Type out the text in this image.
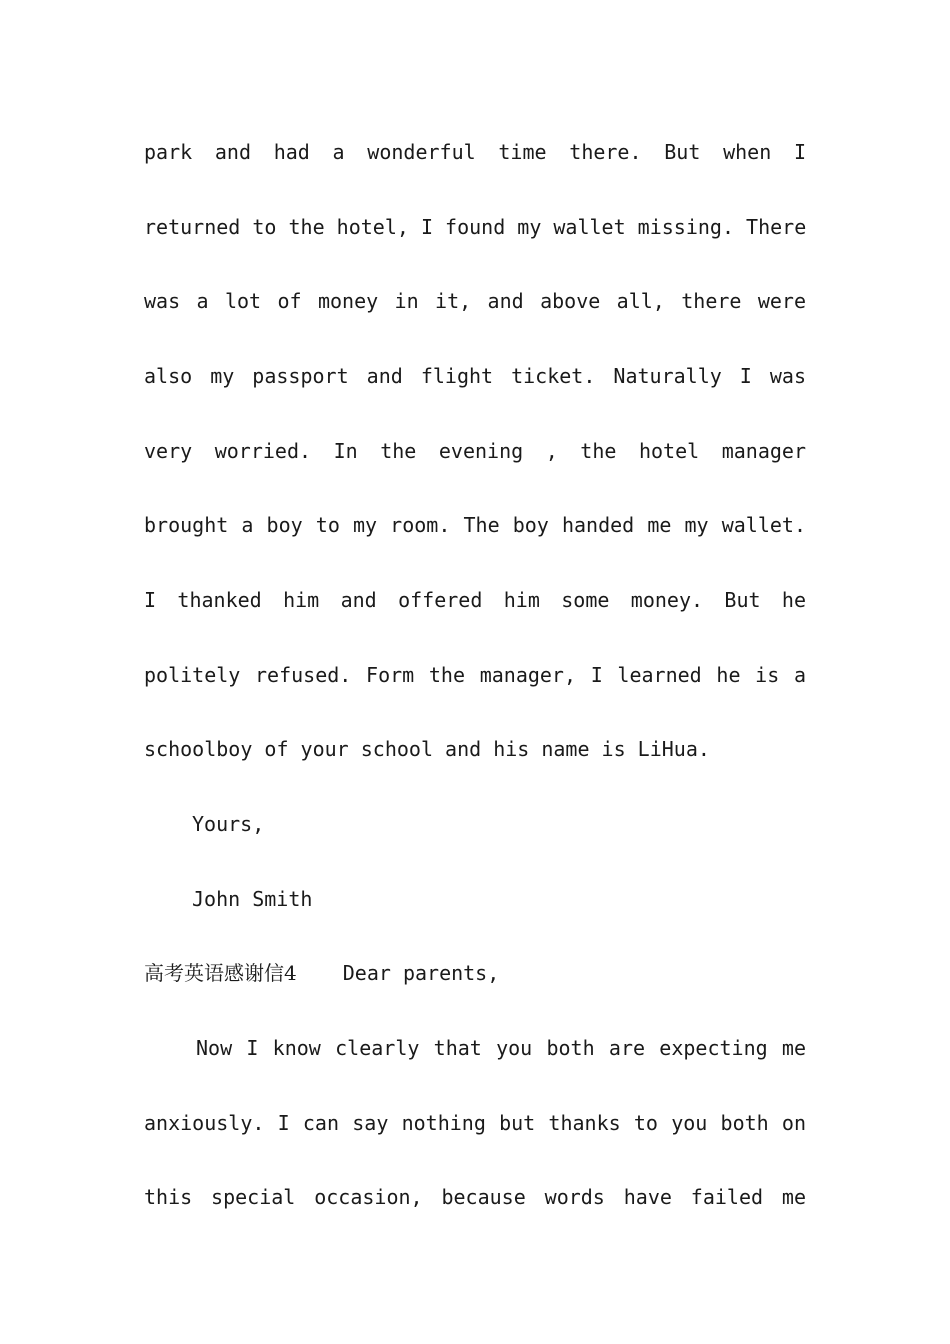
park and had a wonderful time there. But when I
returned to the hotel, I found my wallet missing. There
was a lot of money in it, and above all, there were
also my passport and flight ticket. Naturally I was
very worried. In the evening , the hotel manager
brought a boy to my room. The boy handed me my wallet.
I thanked him and offered him some money. But he
politely refused. Form the manager, I learned he is a
schoolboy of your school and his name is LiHua.
Yours,
John Smith
高考英语感谢信4 Dear parents,
Now I know clearly that you both are expecting me
anxiously. I can say nothing but thanks to you both on
this special occasion, because words have failed me
